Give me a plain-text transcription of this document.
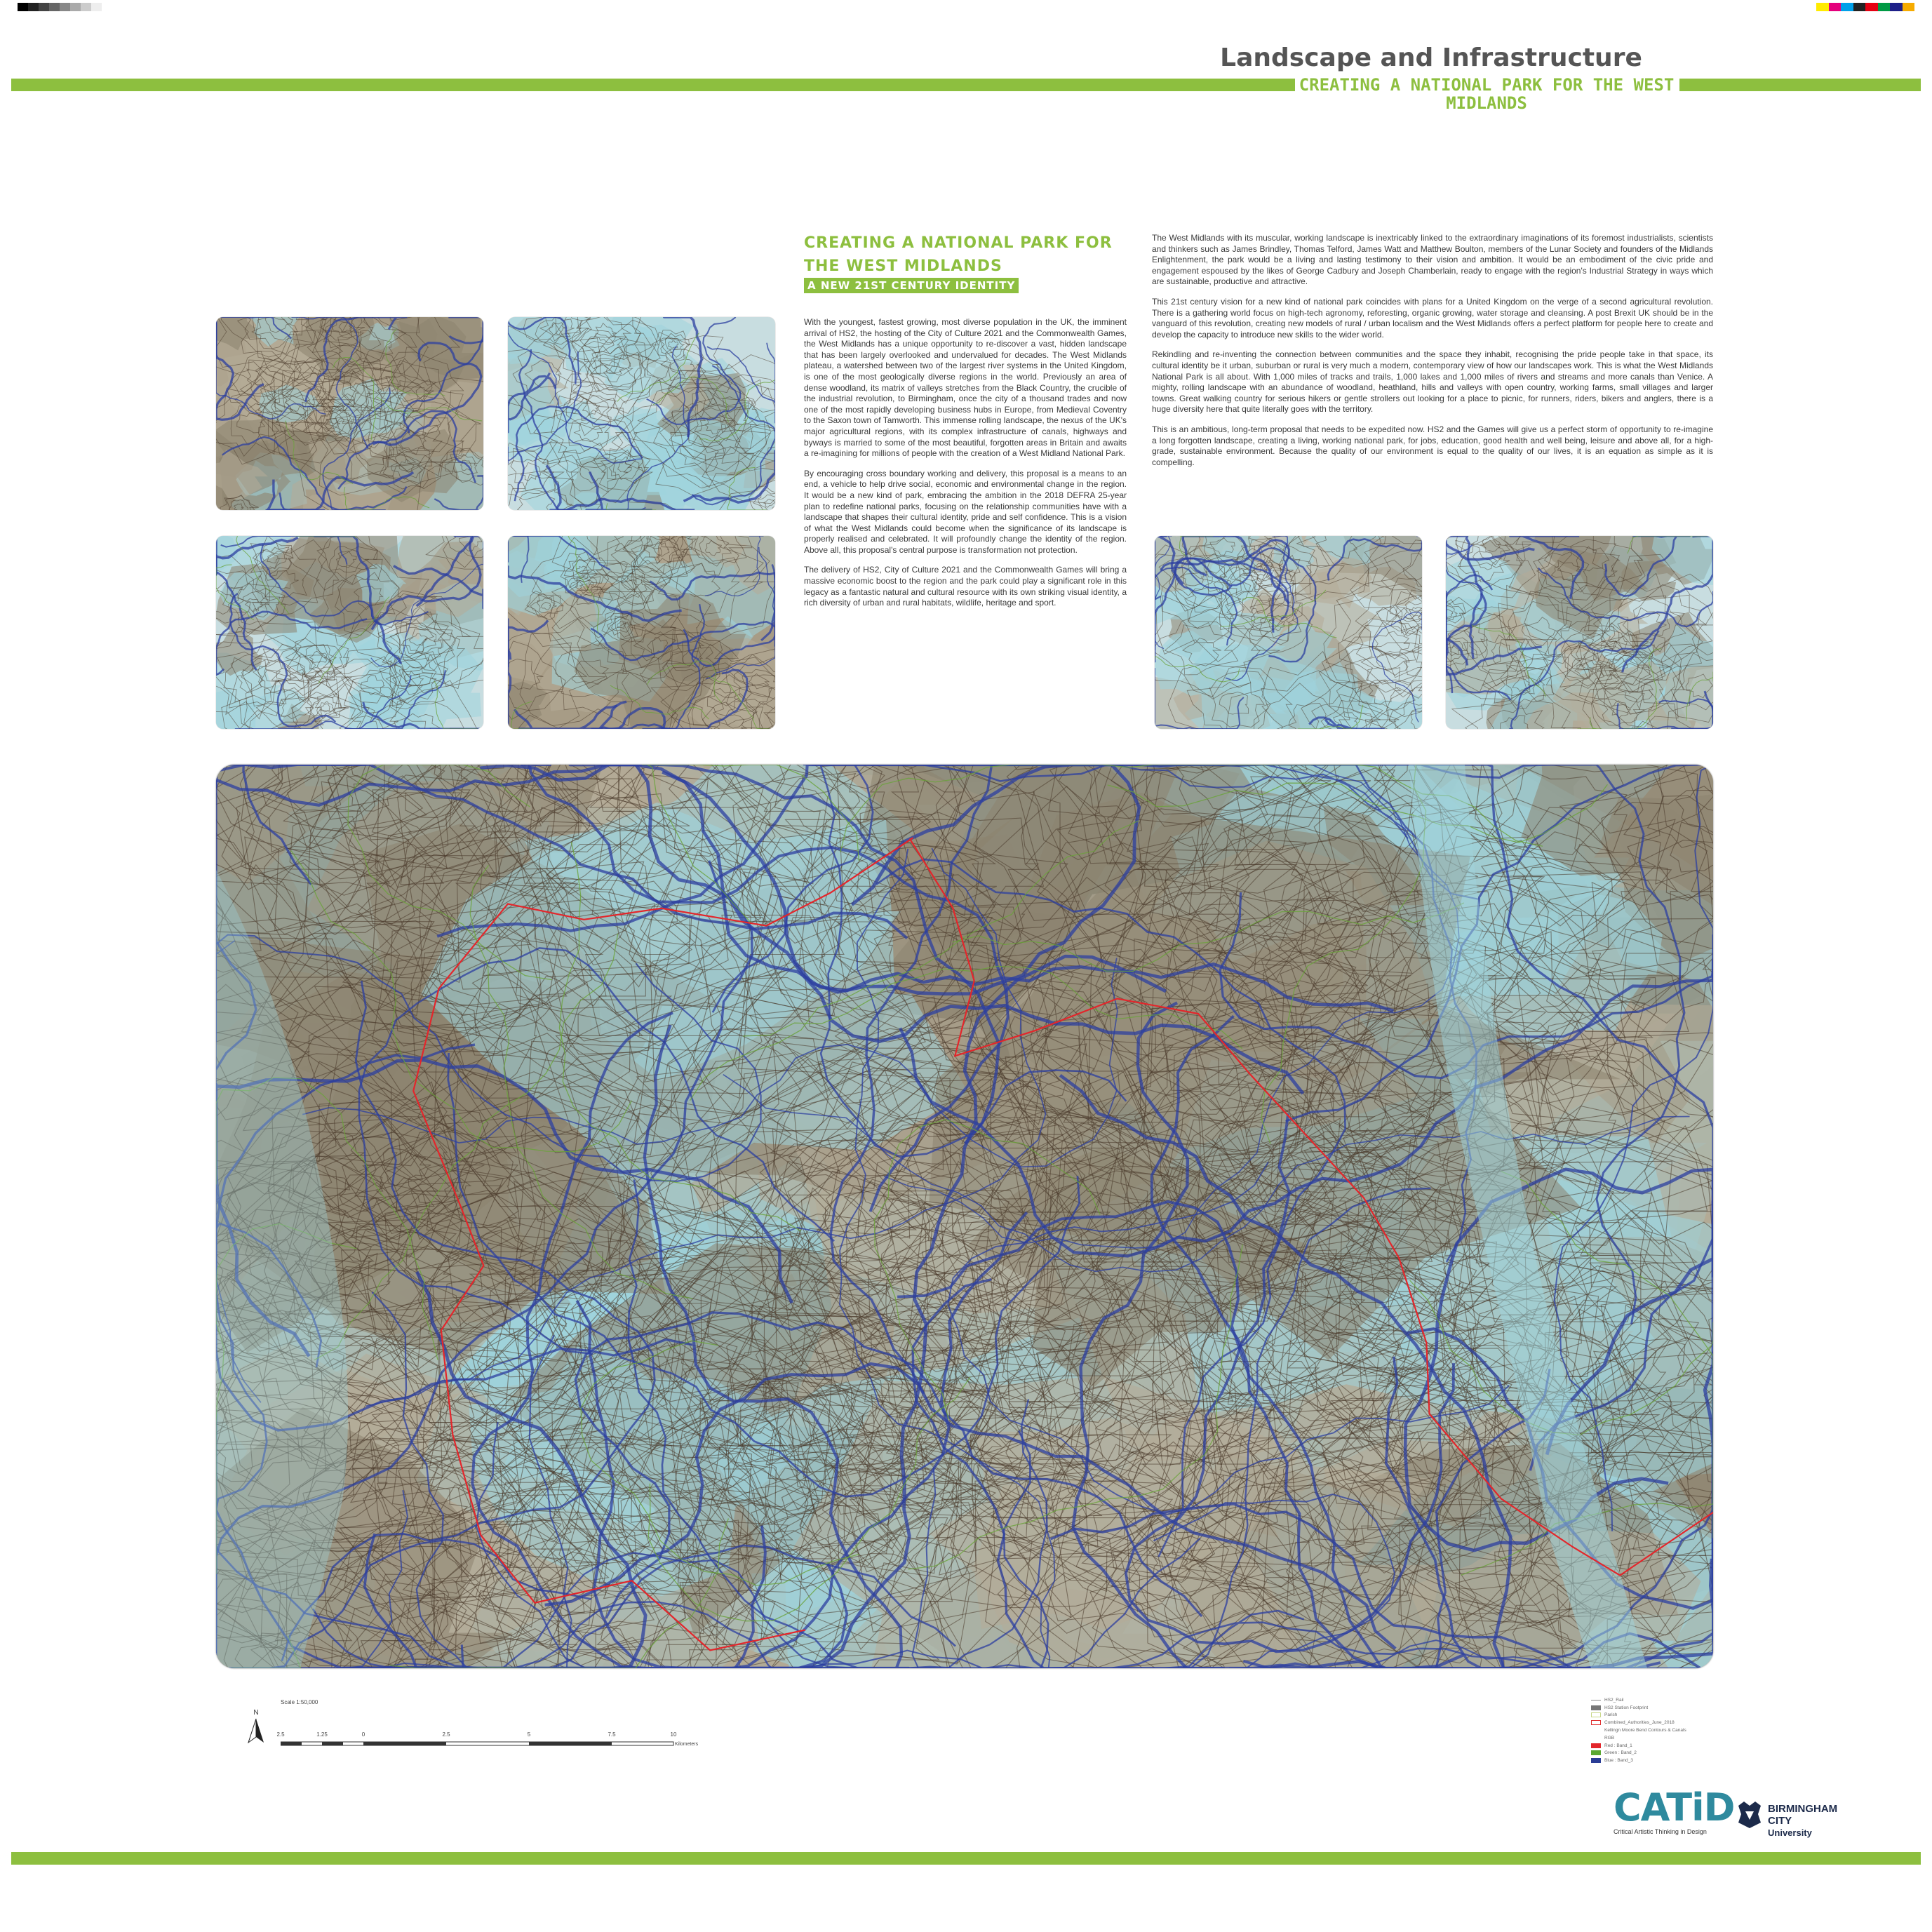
Landscape and Infrastructure
CREATING A NATIONAL PARK FOR THE WEST MIDLANDS
CREATING A NATIONAL PARK FOR THE WEST MIDLANDS
A NEW 21ST CENTURY IDENTITY

With the youngest, fastest growing, most diverse population in the UK, the imminent arrival of HS2, the hosting of the City of Culture 2021 and the Commonwealth Games, the West Midlands has a unique opportunity to re-discover a vast, hidden landscape that has been largely overlooked and undervalued for decades. The West Midlands plateau, a watershed between two of the largest river systems in the United Kingdom, is one of the most geologically diverse regions in the world. Previously an area of dense woodland, its matrix of valleys stretches from the Black Country, the crucible of the industrial revolution, to Birmingham, once the city of a thousand trades and now one of the most rapidly developing business hubs in Europe, from Medieval Coventry to the Saxon town of Tamworth. This immense rolling landscape, the nexus of the UK's major agricultural regions, with its complex infrastructure of canals, highways and byways is married to some of the most beautiful, forgotten areas in Britain and awaits a re-imagining for millions of people with the creation of a West Midland National Park.

By encouraging cross boundary working and delivery, this proposal is a means to an end, a vehicle to help drive social, economic and environmental change in the region. It would be a new kind of park, embracing the ambition in the 2018 DEFRA 25-year plan to redefine national parks, focusing on the relationship communities have with a landscape that shapes their cultural identity, pride and self confidence. This is a vision of what the West Midlands could become when the significance of its landscape is properly realised and celebrated. It will profoundly change the identity of the region. Above all, this proposal's central purpose is transformation not protection.

The delivery of HS2, City of Culture 2021 and the Commonwealth Games will bring a massive economic boost to the region and the park could play a significant role in this legacy as a fantastic natural and cultural resource with its own striking visual identity, a rich diversity of urban and rural habitats, wildlife, heritage and sport.

The West Midlands with its muscular, working landscape is inextricably linked to the extraordinary imaginations of its foremost industrialists, scientists and thinkers such as James Brindley, Thomas Telford, James Watt and Matthew Boulton, members of the Lunar Society and founders of the Midlands Enlightenment, the park would be a living and lasting testimony to their vision and ambition. It would be an embodiment of the civic pride and engagement espoused by the likes of George Cadbury and Joseph Chamberlain, ready to engage with the region's Industrial Strategy in ways which are sustainable, productive and attractive.

This 21st century vision for a new kind of national park coincides with plans for a United Kingdom on the verge of a second agricultural revolution. There is a gathering world focus on high-tech agronomy, reforesting, organic growing, water storage and cleansing. A post Brexit UK should be in the vanguard of this revolution, creating new models of rural / urban localism and the West Midlands offers a perfect platform for people here to create and develop the capacity to introduce new skills to the wider world.

Rekindling and re-inventing the connection between communities and the space they inhabit, recognising the pride people take in that space, its cultural identity be it urban, suburban or rural is very much a modern, contemporary view of how our landscapes work. This is what the West Midlands National Park is all about. With 1,000 miles of tracks and trails, 1,000 lakes and 1,000 miles of rivers and streams and more canals than Venice. A mighty, rolling landscape with an abundance of woodland, heathland, hills and valleys with open country, working farms, small villages and larger towns. Great walking country for serious hikers or gentle strollers out looking for a place to picnic, for runners, riders, bikers and anglers, there is a huge diversity here that quite literally goes with the territory.

This is an ambitious, long-term proposal that needs to be expedited now. HS2 and the Games will give us a perfect storm of opportunity to re-imagine a long forgotten landscape, creating a living, working national park, for jobs, education, good health and well being, leisure and above all, for a high-grade, sustainable environment. Because the quality of our environment is equal to the quality of our lives, it is an equation as simple as it is compelling.

Scale 1:50,000
N
2.5	1.25	0	2.5	5	7.5	10
Kilometers
HS2_Rail
HS2 Station Footprint
Parish
Combined_Authorities_June_2018
Kellingn Moore Bend Contours & Canals
RGB
Red : Band_1
Green : Band_2
Blue : Band_3
CATiD
Critical Artistic Thinking in Design
BIRMINGHAM CITY
University
